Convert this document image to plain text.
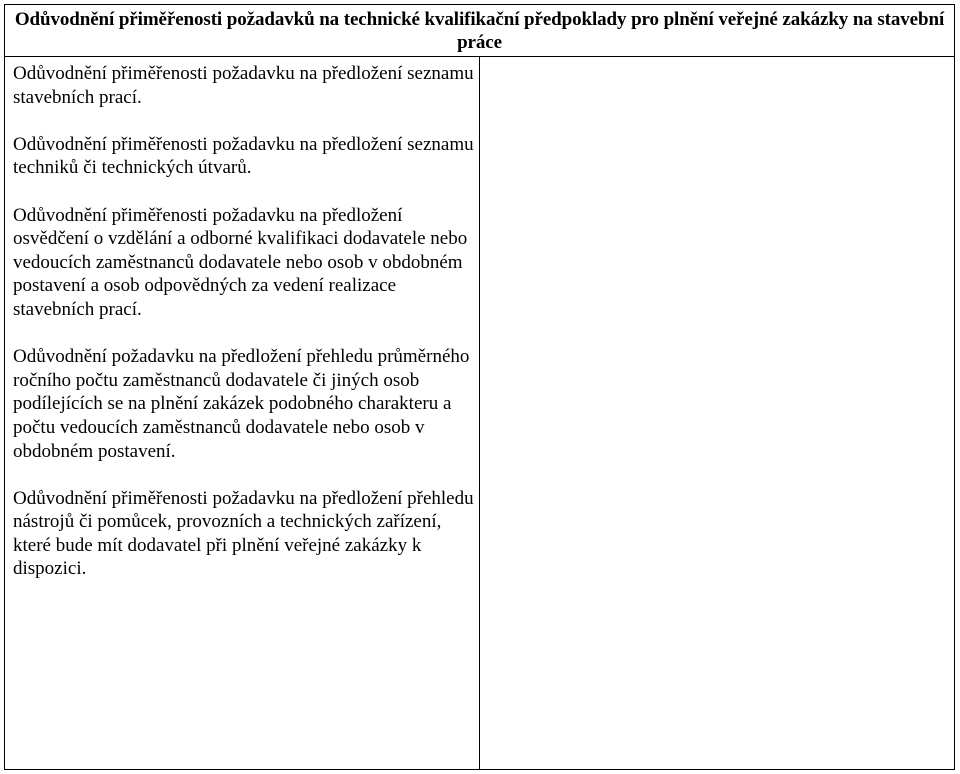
Odůvodnění přiměřenosti požadavků na technické kvalifikační předpoklady pro plnění veřejné zakázky na stavební práce

Odůvodnění přiměřenosti požadavku na předložení seznamu stavebních prací.
Odůvodnění přiměřenosti požadavku na předložení seznamu techniků či technických útvarů.
Odůvodnění přiměřenosti požadavku na předložení osvědčení o vzdělání a odborné kvalifikaci dodavatele nebo vedoucích zaměstnanců dodavatele nebo osob v obdobném postavení a osob odpovědných za vedení realizace stavebních prací.
Odůvodnění požadavku na předložení přehledu průměrného ročního počtu zaměstnanců dodavatele či jiných osob podílejících se na plnění zakázek podobného charakteru a počtu vedoucích zaměstnanců dodavatele nebo osob v obdobném postavení.
Odůvodnění přiměřenosti požadavku na předložení přehledu nástrojů či pomůcek, provozních a technických zařízení, které bude mít dodavatel při plnění veřejné zakázky k dispozici.
